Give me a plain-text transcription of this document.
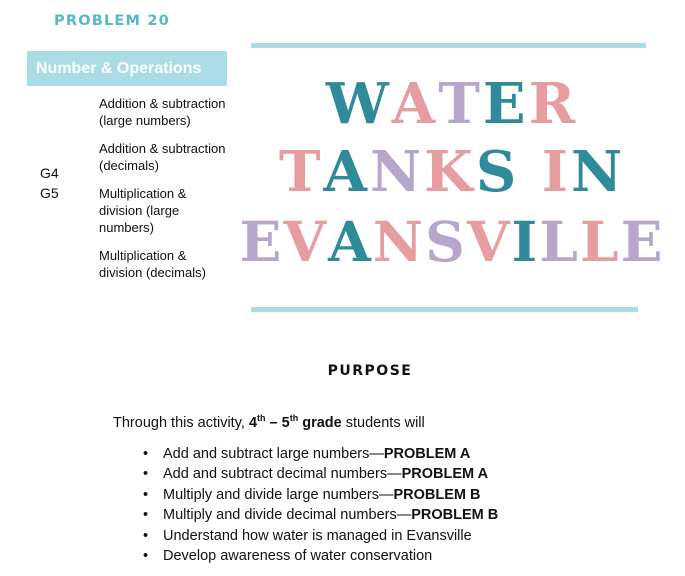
PROBLEM 20
Number & Operations
G4
G5
Addition & subtraction (large numbers)
Addition & subtraction (decimals)
Multiplication & division (large numbers)
Multiplication & division (decimals)
WATER
TANKS IN
EVANSVILLE
PURPOSE
Through this activity, 4th – 5th grade students will
• Add and subtract large numbers—PROBLEM A
• Add and subtract decimal numbers—PROBLEM A
• Multiply and divide large numbers—PROBLEM B
• Multiply and divide decimal numbers—PROBLEM B
• Understand how water is managed in Evansville
• Develop awareness of water conservation
